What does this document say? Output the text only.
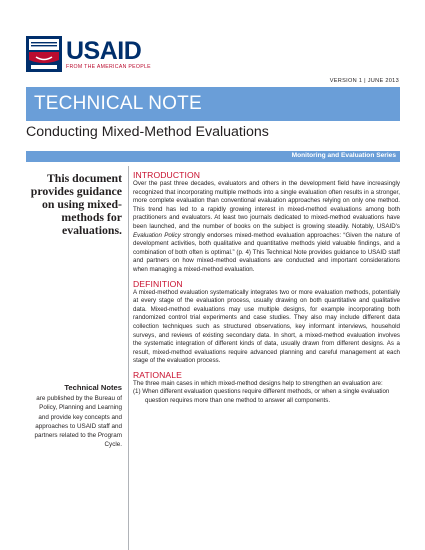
USAID
FROM THE AMERICAN PEOPLE
VERSION 1 | JUNE 2013
TECHNICAL NOTE
Conducting Mixed-Method Evaluations
Monitoring and Evaluation Series
This document provides guidance on using mixed-methods for evaluations.
Technical Notes
are published by the Bureau of Policy, Planning and Learning and provide key concepts and approaches to USAID staff and partners related to the Program Cycle.
INTRODUCTION
Over the past three decades, evaluators and others in the development field have increasingly recognized that incorporating multiple methods into a single evaluation often results in a stronger, more complete evaluation than conventional evaluation approaches relying on only one method. This trend has led to a rapidly growing interest in mixed-method evaluations among both practitioners and evaluators. At least two journals dedicated to mixed-method evaluations have been launched, and the number of books on the subject is growing steadily. Notably, USAID's Evaluation Policy strongly endorses mixed-method evaluation approaches: “Given the nature of development activities, both qualitative and quantitative methods yield valuable findings, and a combination of both often is optimal.” (p. 4) This Technical Note provides guidance to USAID staff and partners on how mixed-method evaluations are conducted and important considerations when managing a mixed-method evaluation.
DEFINITION
A mixed-method evaluation systematically integrates two or more evaluation methods, potentially at every stage of the evaluation process, usually drawing on both quantitative and qualitative data. Mixed-method evaluations may use multiple designs, for example incorporating both randomized control trial experiments and case studies. They also may include different data collection techniques such as structured observations, key informant interviews, household surveys, and reviews of existing secondary data. In short, a mixed-method evaluation involves the systematic integration of different kinds of data, usually drawn from different designs. As a result, mixed-method evaluations require advanced planning and careful management at each stage of the evaluation process.
RATIONALE
The three main cases in which mixed-method designs help to strengthen an evaluation are:
(1) When different evaluation questions require different methods, or when a single evaluation question requires more than one method to answer all components.
